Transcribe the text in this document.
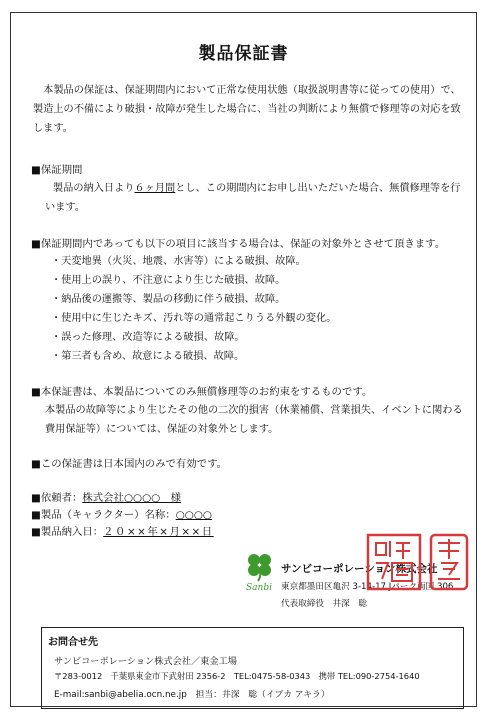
製品保証書
　本製品の保証は、保証期間内において正常な使用状態（取扱説明書等に従っての使用）で、製造上の不備により破損・故障が発生した場合に、当社の判断により無償で修理等の対応を致します。
■保証期間
製品の納入日より６ヶ月間とし、この期間内にお申し出いただいた場合、無償修理等を行います。
■保証期間内であっても以下の項目に該当する場合は、保証の対象外とさせて頂きます。
・天変地異（火災、地震、水害等）による破損、故障。
・使用上の誤り、不注意により生じた破損、故障。
・納品後の運搬等、製品の移動に伴う破損、故障。
・使用中に生じたキズ、汚れ等の通常起こりうる外観の変化。
・誤った修理、改造等による破損、故障。
・第三者も含め、故意による破損、故障。
■本保証書は、本製品についてのみ無償修理等のお約束をするものです。
本製品の故障等により生じたその他の二次的損害（休業補償、営業損失、イベントに関わる費用保証等）については、保証の対象外とします。
■この保証書は日本国内のみで有効です。
■依頼者：株式会社○○○○　様
■製品（キャラクター）名称：○○○○
■製品納入日：２０××年×月××日
Sanbi
サンビコーポレーション株式会社
東京都墨田区亀沢 3-14-17 Jパーク両国 306
代表取締役　井深　聡
お問合せ先
サンビコーポレーション株式会社／東金工場
〒283-0012　千葉県東金市下武射田 2356-2　TEL:0475-58-0343　携帯 TEL:090-2754-1640
E-mail:sanbi@abelia.ocn.ne.jp　担当：井深　聡（イブカ アキラ）
